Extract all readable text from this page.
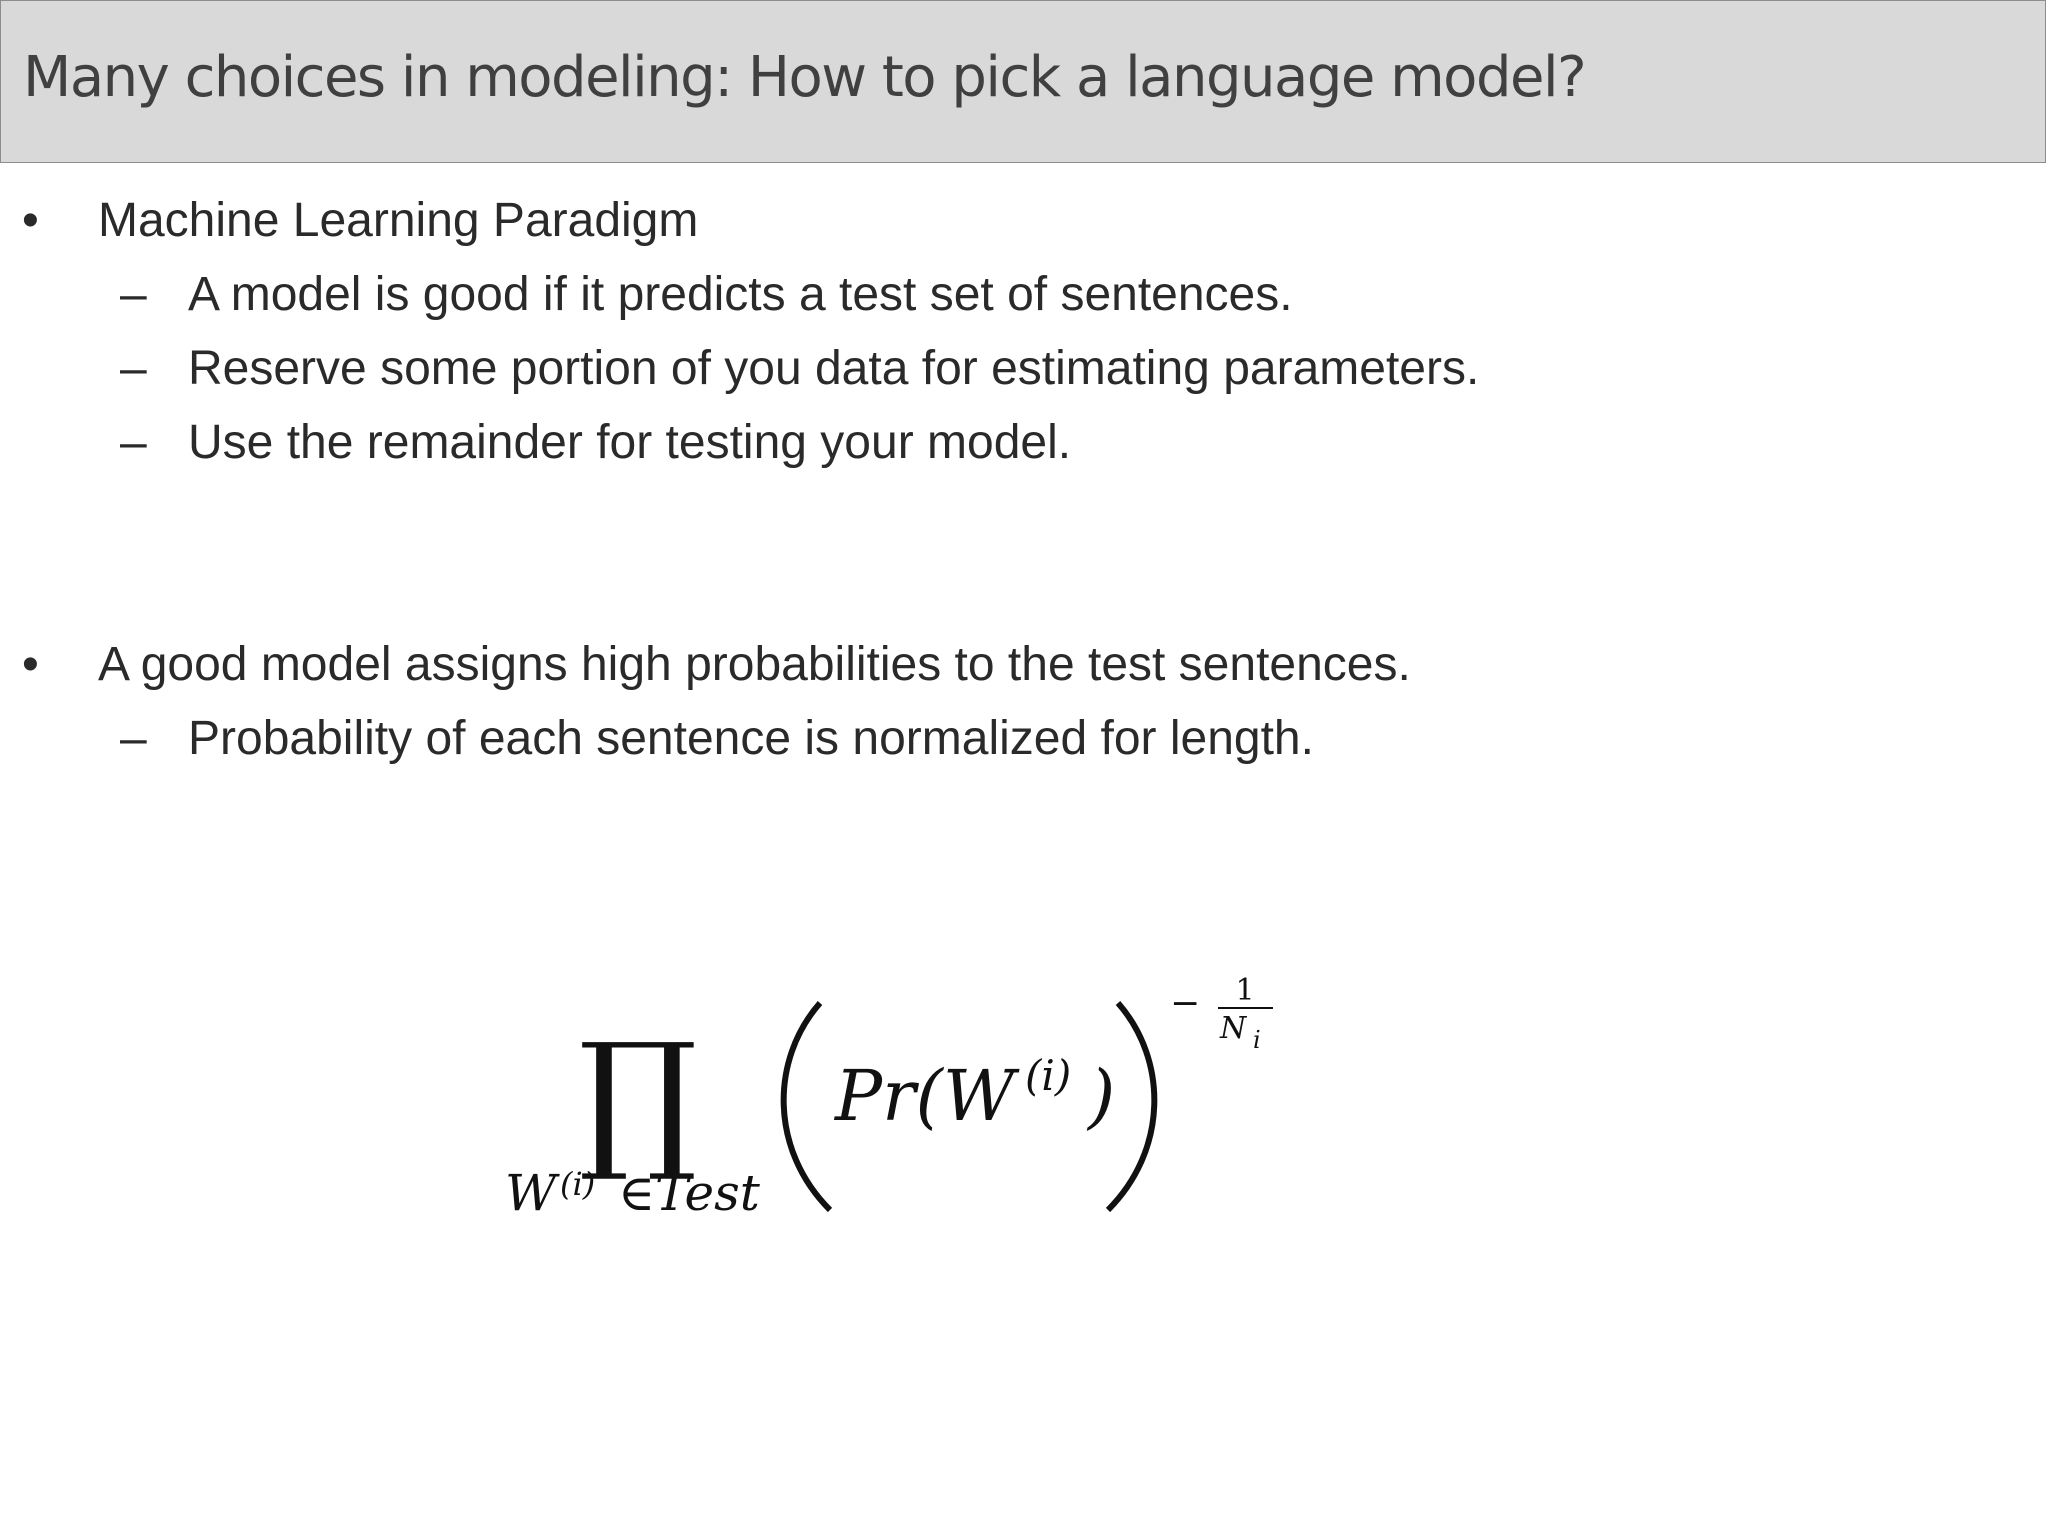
Many choices in modeling: How to pick a language model?
• Machine Learning Paradigm
– A model is good if it predicts a test set of sentences.
– Reserve some portion of you data for estimating parameters.
– Use the remainder for testing your model.
• A good model assigns high probabilities to the test sentences.
– Probability of each sentence is normalized for length.
∏
W (i) ∈Test
Pr(W (i) )
− 1
N i
